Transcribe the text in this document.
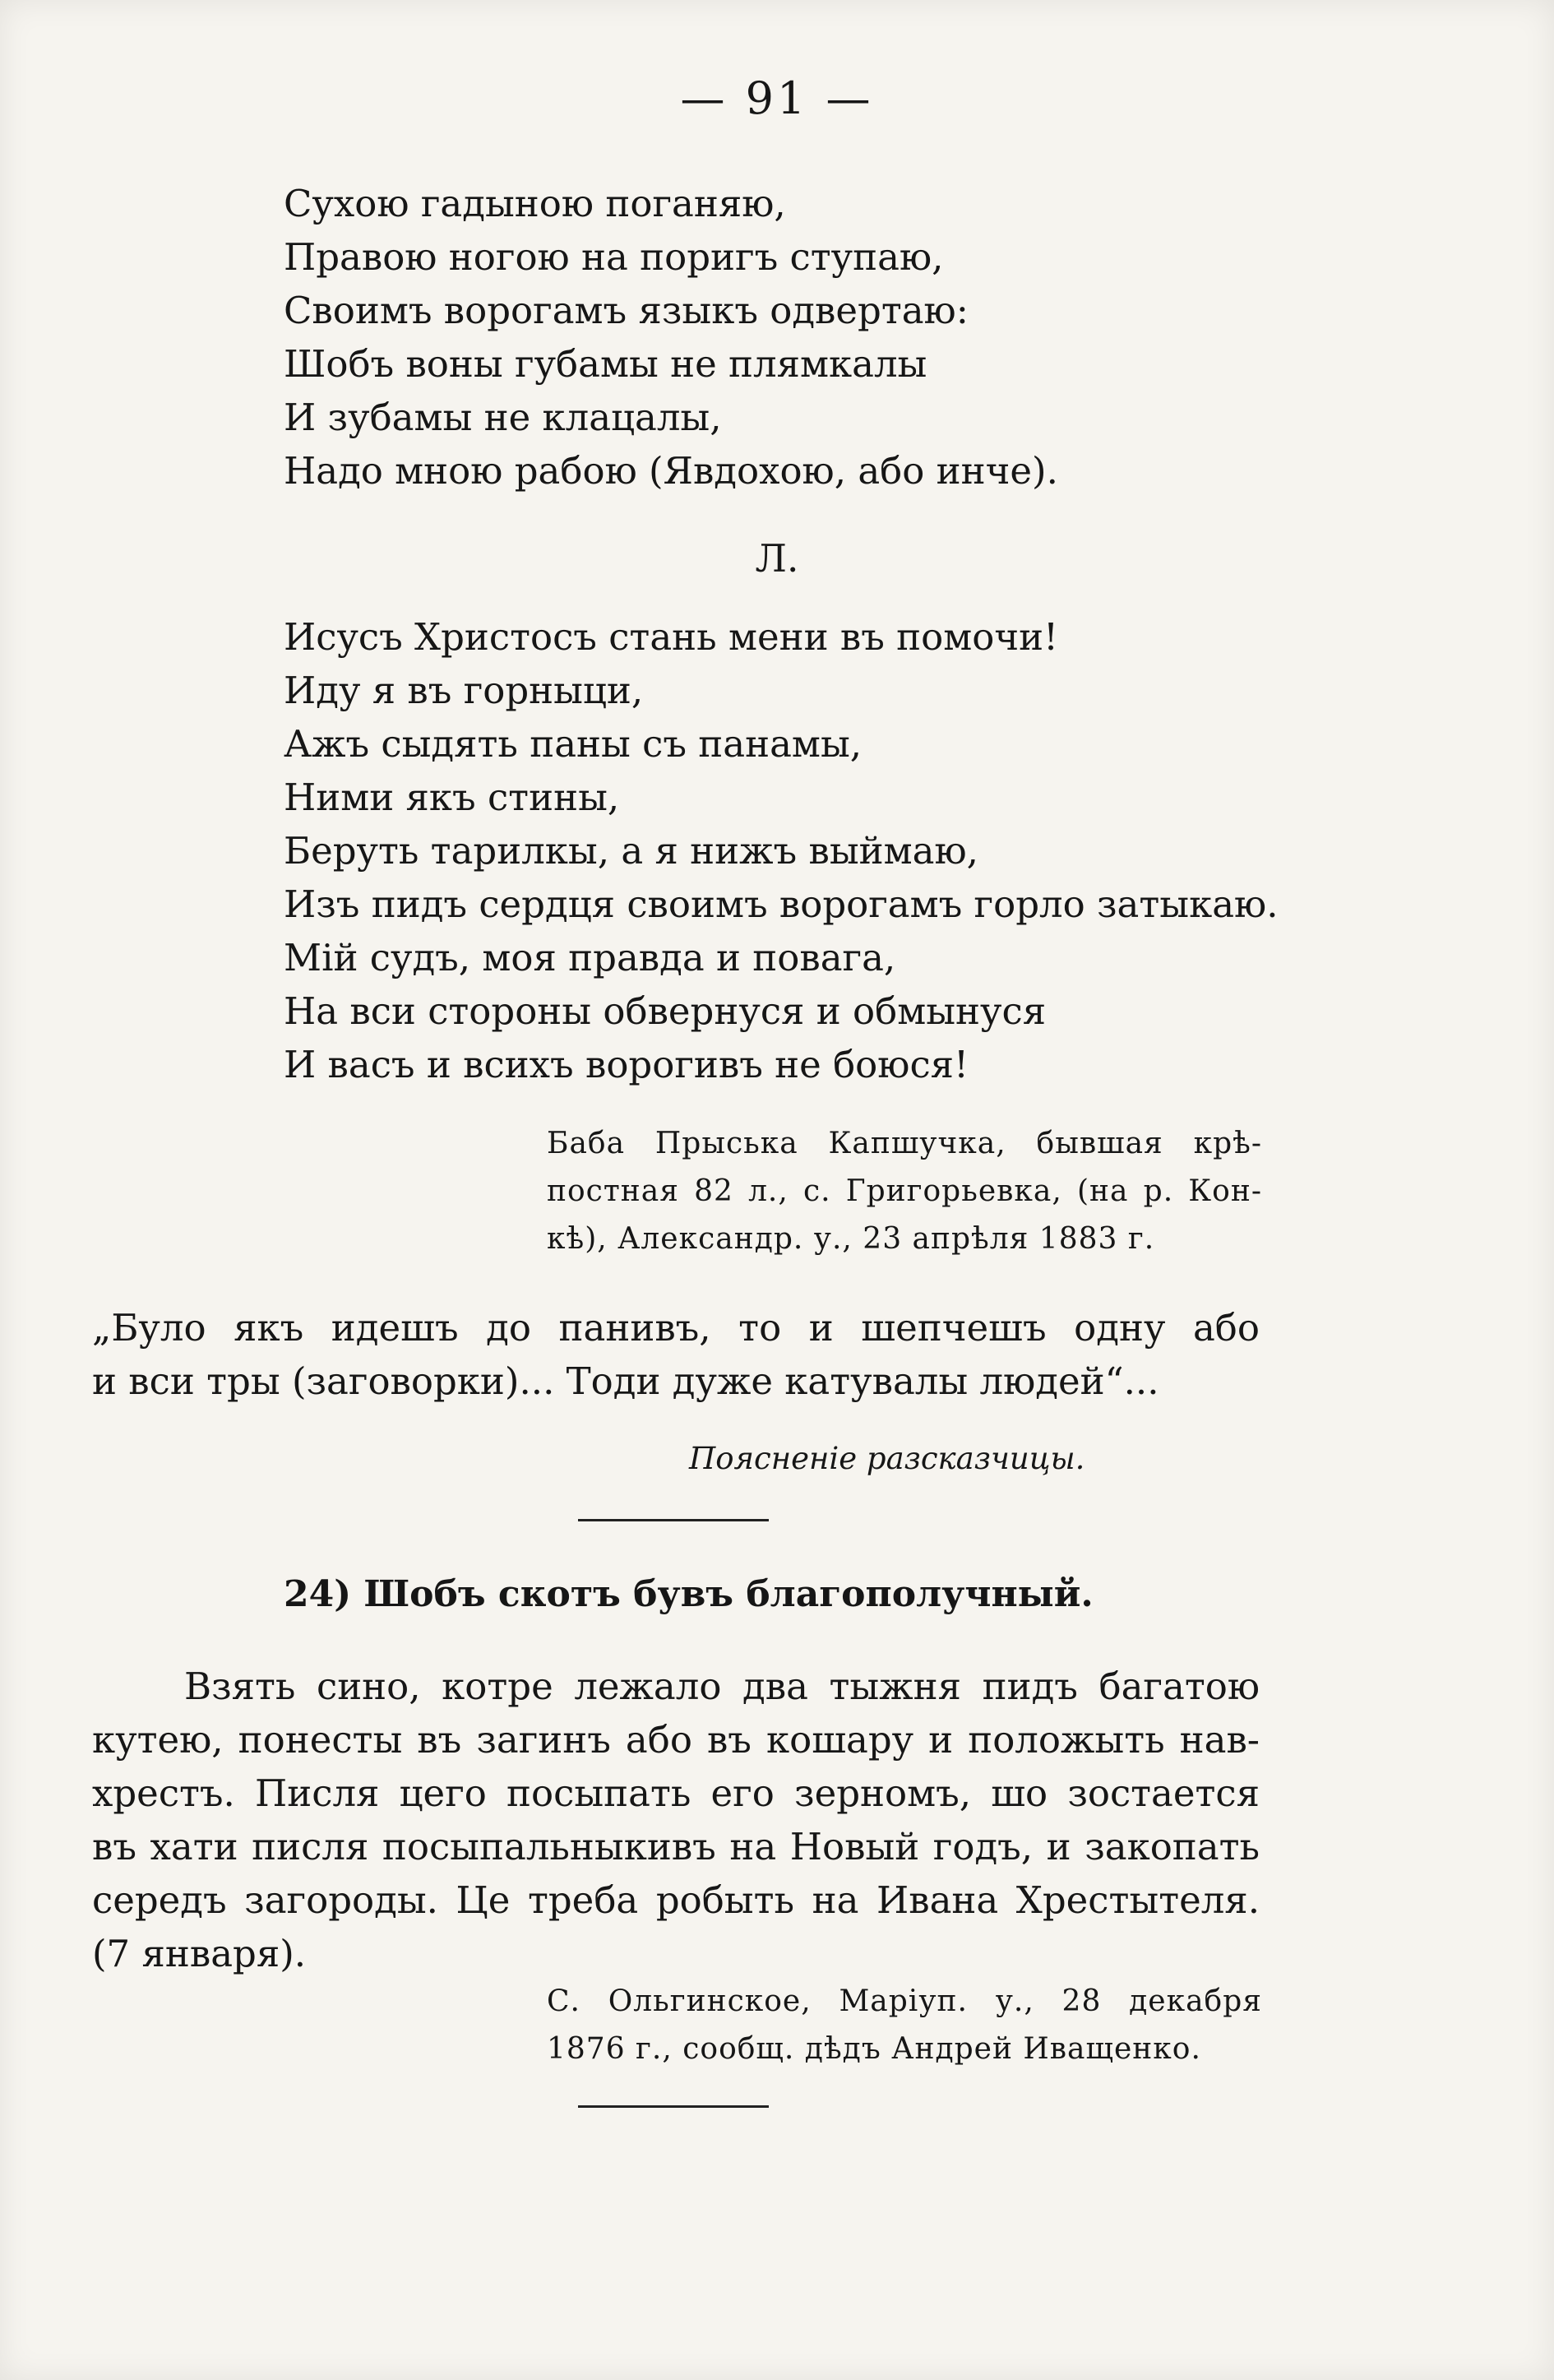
— 91 —
Сухою гадыною поганяю,
Правою ногою на поригъ ступаю,
Своимъ ворогамъ языкъ одвертаю:
Шобъ воны губамы не плямкалы
И зубамы не клацалы,
Надо мною рабою (Явдохою, або инче).
Л.
Исусъ Христосъ стань мени въ помочи!
Иду я въ горныци,
Ажъ сыдять паны съ панамы,
Ними якъ стины,
Беруть тарилкы, а я нижъ выймаю,
Изъ пидъ сердця своимъ ворогамъ горло затыкаю.
Мій судъ, моя правда и повага,
На вси стороны обвернуся и обмынуся
И васъ и всихъ ворогивъ не боюся!
Баба Прыська Капшучка, бывшая крѣ-
постная 82 л., с. Григорьевка, (на р. Кон-
кѣ), Александр. у., 23 апрѣля 1883 г.
„Було якъ идешъ до панивъ, то и шепчешъ одну або
и вси тры (заговорки)... Тоди дуже катувалы людей“...
Поясненіе разсказчицы.
24) Шобъ скотъ бувъ благополучный.
Взять сино, котре лежало два тыжня пидъ багатою
кутею, понесты въ загинъ або въ кошару и положыть нав-
хрестъ. Писля цего посыпать его зерномъ, шо зостается
въ хати писля посыпальныкивъ на Новый годъ, и закопать
середъ загороды. Це треба робыть на Ивана Хрестытеля.
(7 января).
С. Ольгинское, Маріуп. у., 28 декабря
1876 г., сообщ. дѣдъ Андрей Иващенко.
